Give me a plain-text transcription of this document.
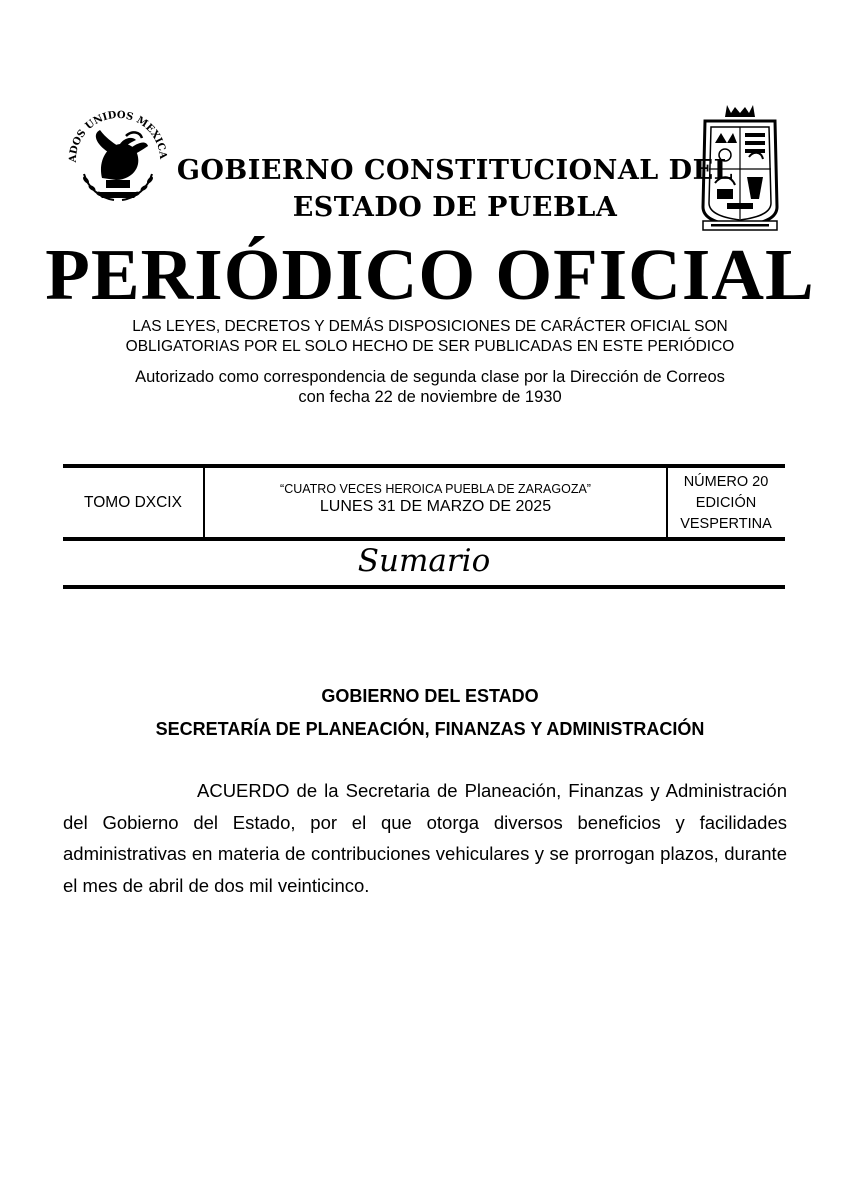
ADOS UNIDOS MEXICA GOBIERNO CONSTITUCIONAL DEL
ESTADO DE PUEBLA
PERIÓDICO OFICIAL
LAS LEYES, DECRETOS Y DEMÁS DISPOSICIONES DE CARÁCTER OFICIAL SON
OBLIGATORIAS POR EL SOLO HECHO DE SER PUBLICADAS EN ESTE PERIÓDICO
Autorizado como correspondencia de segunda clase por la Dirección de Correos
con fecha 22 de noviembre de 1930
TOMO DXCIX
“CUATRO VECES HEROICA PUEBLA DE ZARAGOZA”
LUNES 31 DE MARZO DE 2025
NÚMERO 20
EDICIÓN
VESPERTINA
Sumario
GOBIERNO DEL ESTADO
SECRETARÍA DE PLANEACIÓN, FINANZAS Y ADMINISTRACIÓN
ACUERDO de la Secretaria de Planeación, Finanzas y Administración del Gobierno del Estado, por el que otorga diversos beneficios y facilidades administrativas en materia de contribuciones vehiculares y se prorrogan plazos, durante el mes de abril de dos mil veinticinco.
